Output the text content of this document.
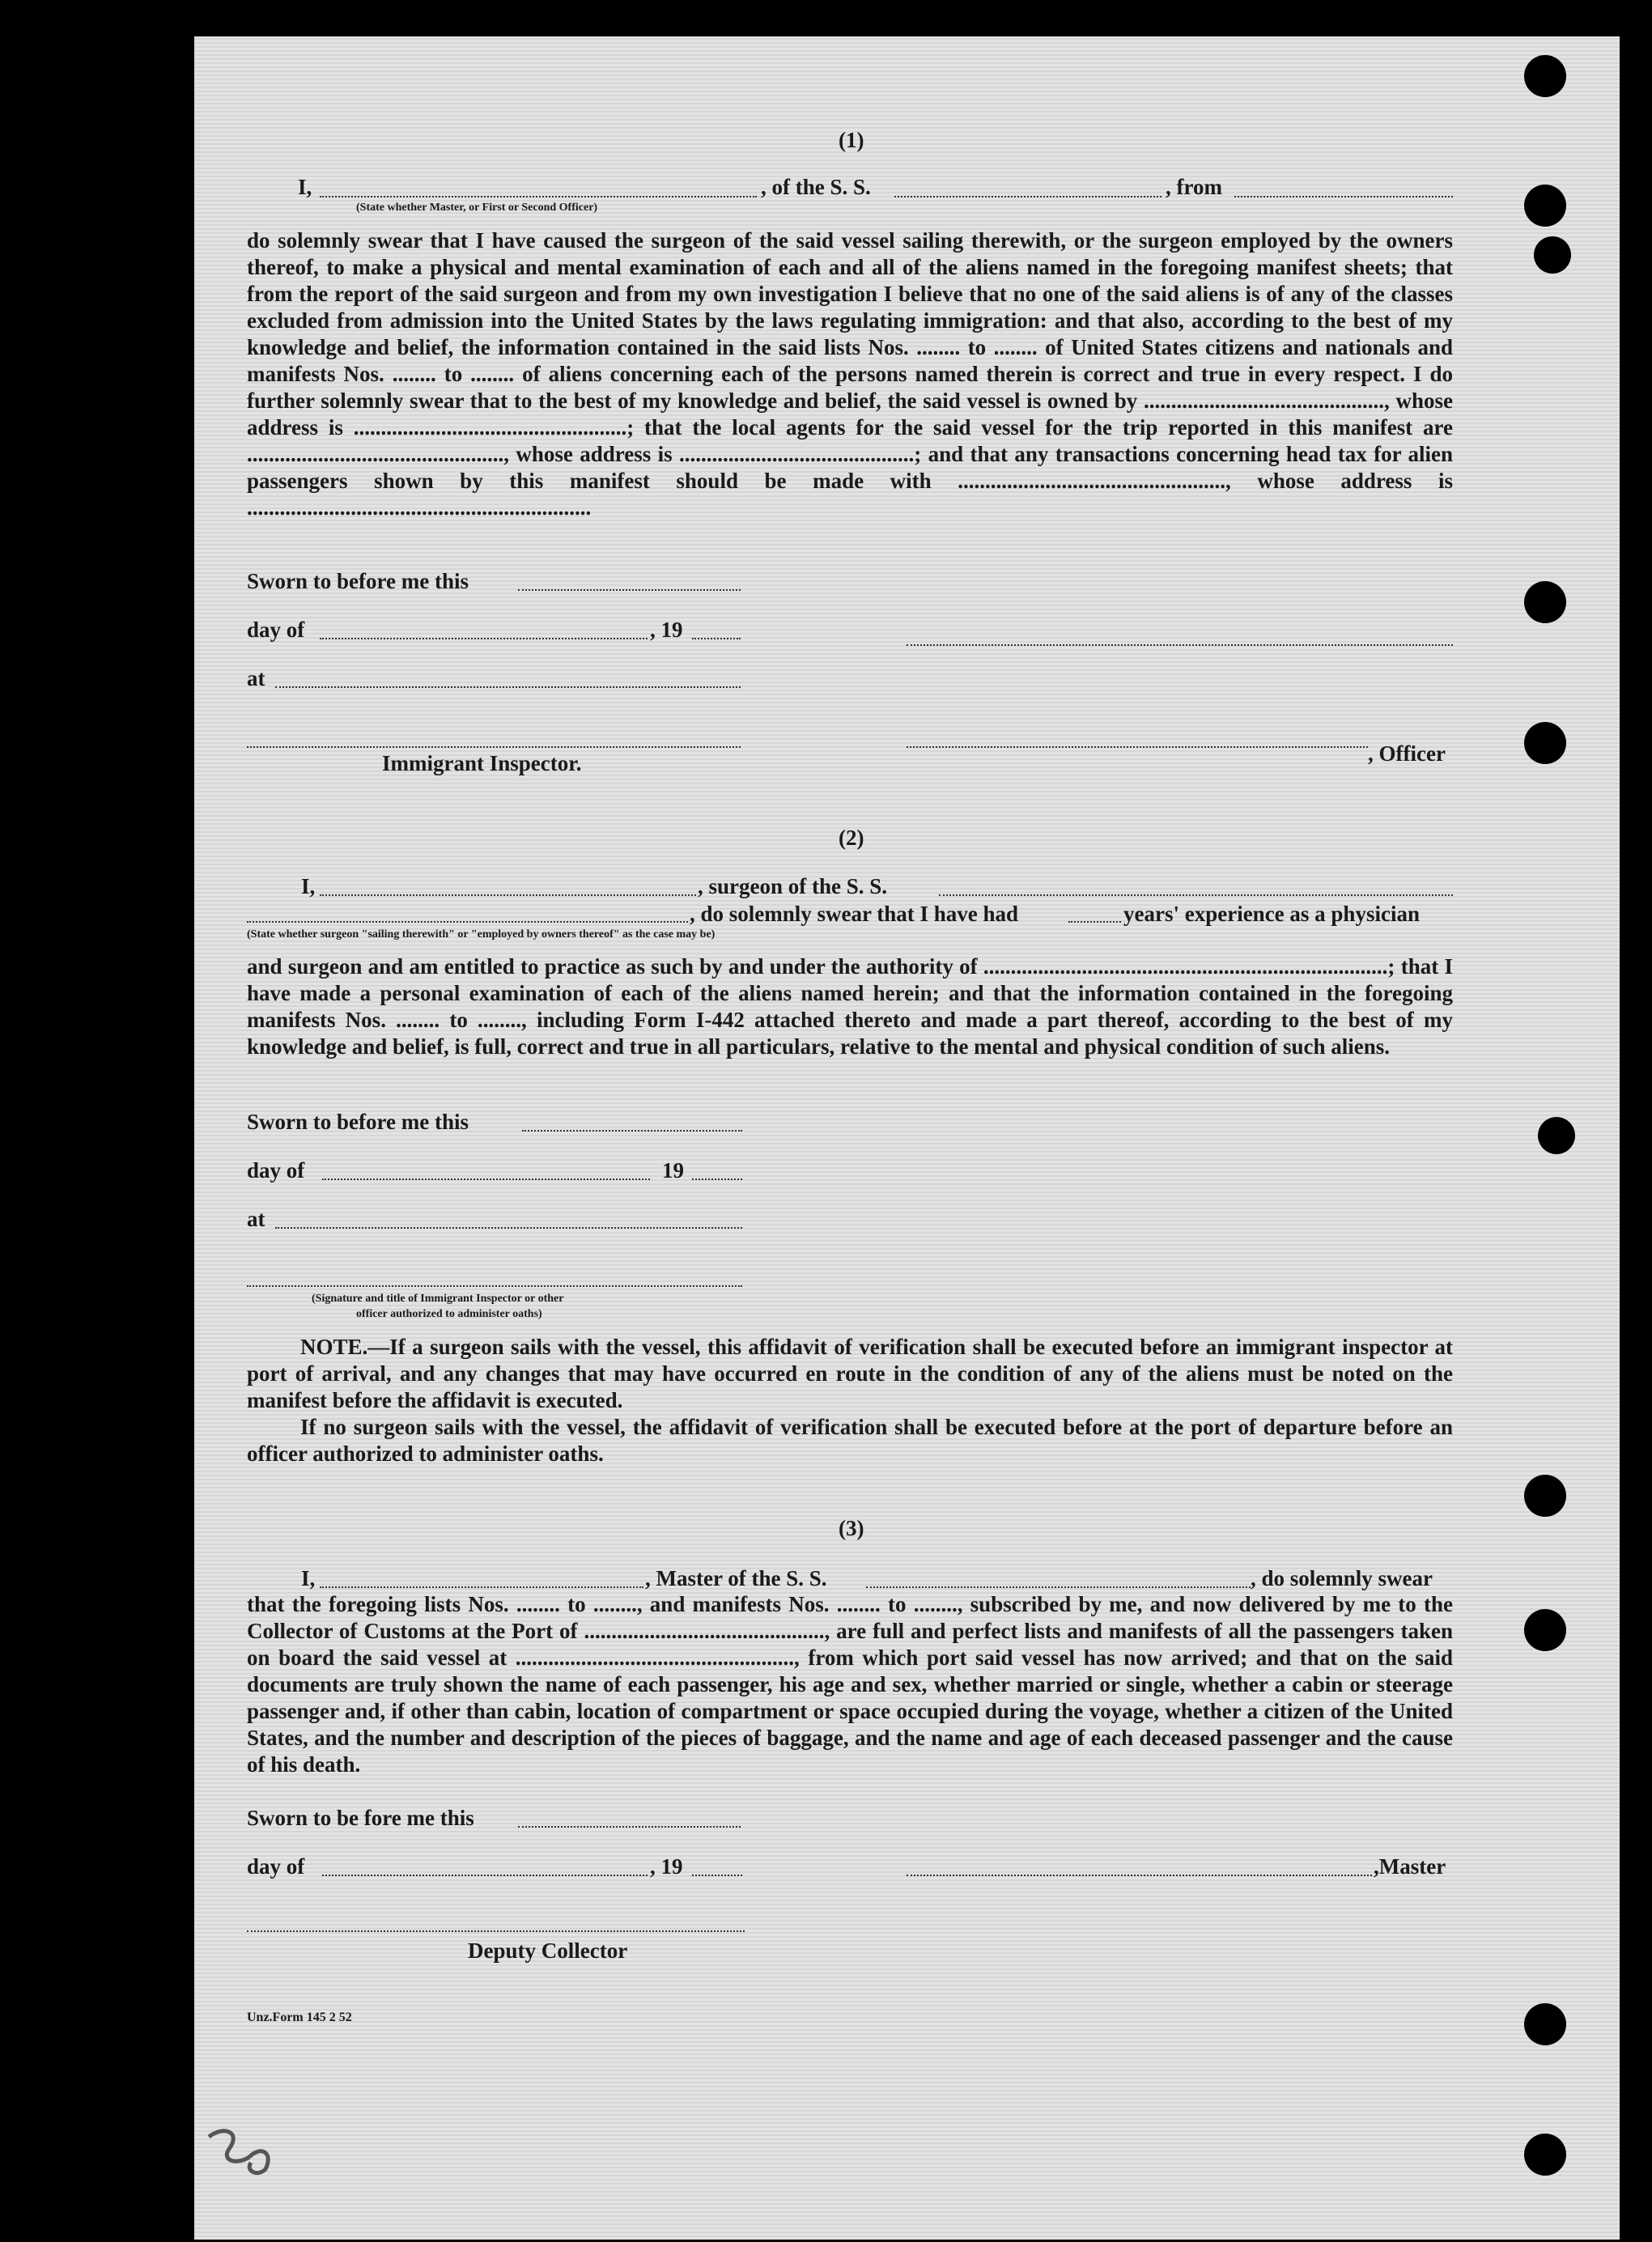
(1)
I,	, of the S. S.	, from
(State whether Master, or First or Second Officer)
do solemnly swear that I have caused the surgeon of the said vessel sailing therewith, or the surgeon employed by the owners thereof, to make a physical and mental examination of each and all of the aliens named in the foregoing manifest sheets; that from the report of the said surgeon and from my own investigation I believe that no one of the said aliens is of any of the classes excluded from admission into the United States by the laws regulating immigration: and that also, according to the best of my knowledge and belief, the information contained in the said lists Nos. ........ to ........ of United States citizens and nationals and manifests Nos. ........ to ........ of aliens concerning each of the persons named therein is correct and true in every respect. I do further solemnly swear that to the best of my knowledge and belief, the said vessel is owned by ............................................, whose address is ..................................................; that the local agents for the said vessel for the trip reported in this manifest are ..............................................., whose address is ...........................................; and that any transactions concerning head tax for alien passengers shown by this manifest should be made with ................................................., whose address is ...............................................................
Sworn to before me this
day of	, 19
at
Immigrant Inspector.	, Officer
(2)
I,	, surgeon of the S. S.
, do solemnly swear that I have had	years' experience as a physician
(State whether surgeon "sailing therewith" or "employed by owners thereof" as the case may be)
and surgeon and am entitled to practice as such by and under the authority of ..........................................................................; that I have made a personal examination of each of the aliens named herein; and that the information contained in the foregoing manifests Nos. ........ to ........, including Form I-442 attached thereto and made a part thereof, according to the best of my knowledge and belief, is full, correct and true in all particulars, relative to the mental and physical condition of such aliens.
Sworn to before me this
day of	19
at
(Signature and title of Immigrant Inspector or other
officer authorized to administer oaths)
NOTE.—If a surgeon sails with the vessel, this affidavit of verification shall be executed before an immigrant inspector at port of arrival, and any changes that may have occurred en route in the condition of any of the aliens must be noted on the manifest before the affidavit is executed.
If no surgeon sails with the vessel, the affidavit of verification shall be executed before at the port of departure before an officer authorized to administer oaths.
(3)
I,	, Master of the S. S.	, do solemnly swear
that the foregoing lists Nos. ........ to ........, and manifests Nos. ........ to ........, subscribed by me, and now delivered by me to the Collector of Customs at the Port of ............................................, are full and perfect lists and manifests of all the passengers taken on board the said vessel at ..................................................., from which port said vessel has now arrived; and that on the said documents are truly shown the name of each passenger, his age and sex, whether married or single, whether a cabin or steerage passenger and, if other than cabin, location of compartment or space occupied during the voyage, whether a citizen of the United States, and the number and description of the pieces of baggage, and the name and age of each deceased passenger and the cause of his death.
Sworn to be fore me this
day of	, 19	,Master
Deputy Collector
Unz.Form 145 2 52
